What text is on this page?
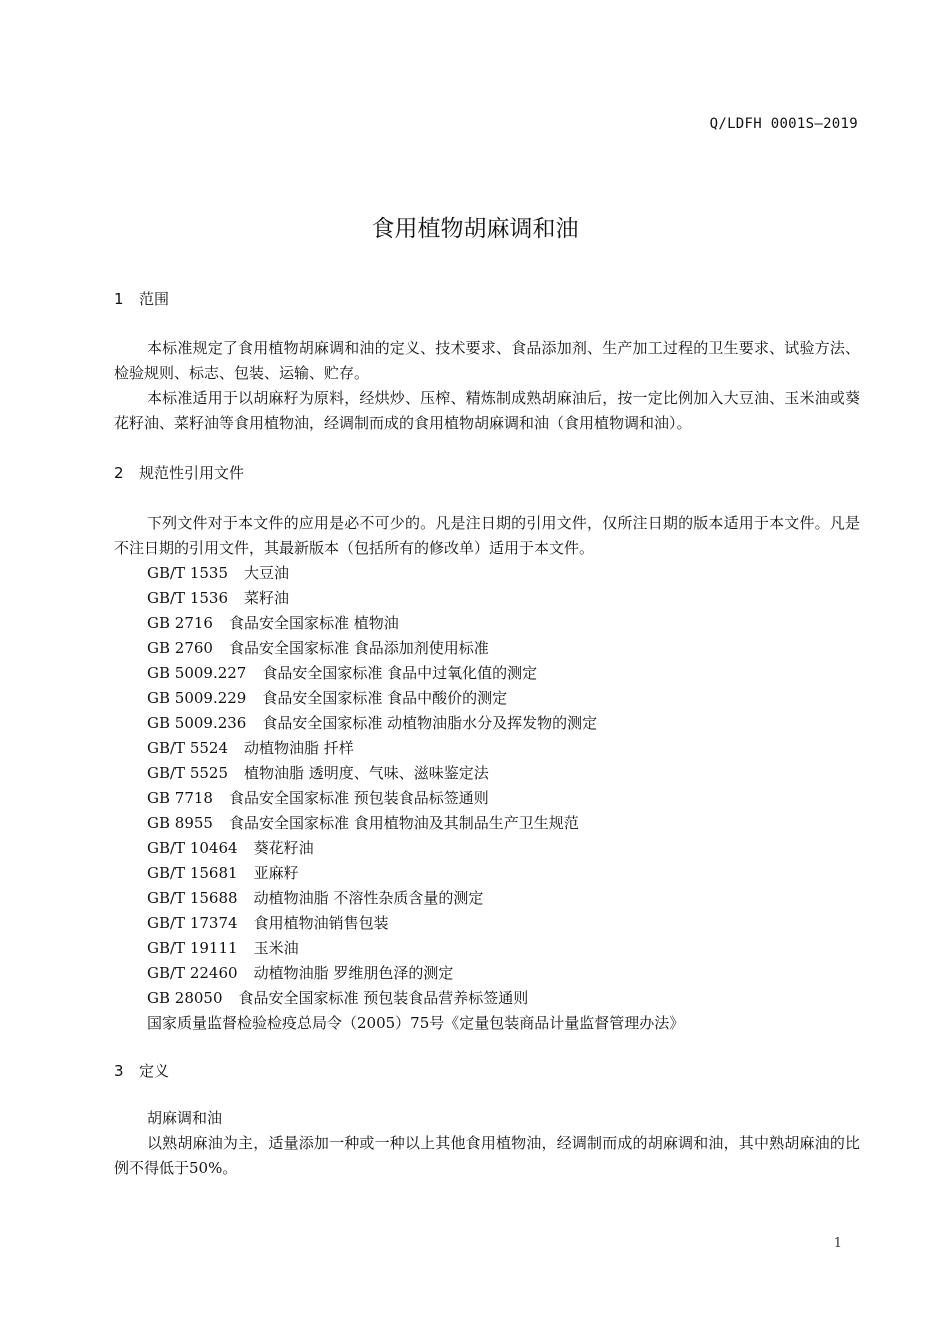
Q/LDFH 0001S—2019
食用植物胡麻调和油
1 范围
本标准规定了食用植物胡麻调和油的定义、技术要求、食品添加剂、生产加工过程的卫生要求、试验方法、检验规则、标志、包装、运输、贮存。
本标准适用于以胡麻籽为原料，经烘炒、压榨、精炼制成熟胡麻油后，按一定比例加入大豆油、玉米油或葵花籽油、菜籽油等食用植物油，经调制而成的食用植物胡麻调和油（食用植物调和油）。
2 规范性引用文件
下列文件对于本文件的应用是必不可少的。凡是注日期的引用文件，仅所注日期的版本适用于本文件。凡是不注日期的引用文件，其最新版本（包括所有的修改单）适用于本文件。
GB/T 1535 大豆油
GB/T 1536 菜籽油
GB 2716 食品安全国家标准 植物油
GB 2760 食品安全国家标准 食品添加剂使用标准
GB 5009.227 食品安全国家标准 食品中过氧化值的测定
GB 5009.229 食品安全国家标准 食品中酸价的测定
GB 5009.236 食品安全国家标准 动植物油脂水分及挥发物的测定
GB/T 5524 动植物油脂 扦样
GB/T 5525 植物油脂 透明度、气味、滋味鉴定法
GB 7718 食品安全国家标准 预包装食品标签通则
GB 8955 食品安全国家标准 食用植物油及其制品生产卫生规范
GB/T 10464 葵花籽油
GB/T 15681 亚麻籽
GB/T 15688 动植物油脂 不溶性杂质含量的测定
GB/T 17374 食用植物油销售包装
GB/T 19111 玉米油
GB/T 22460 动植物油脂 罗维朋色泽的测定
GB 28050 食品安全国家标准 预包装食品营养标签通则
国家质量监督检验检疫总局令（2005）75号《定量包装商品计量监督管理办法》
3 定义
胡麻调和油
以熟胡麻油为主，适量添加一种或一种以上其他食用植物油，经调制而成的胡麻调和油，其中熟胡麻油的比例不得低于50%。
1
